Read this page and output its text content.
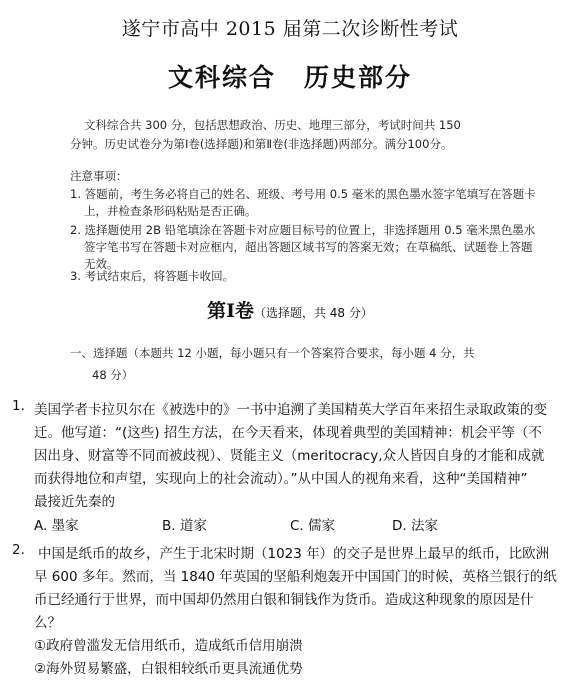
遂宁市高中 2015 届第二次诊断性考试
文科综合 历史部分
文科综合共 300 分，包括思想政治、历史、地理三部分，考试时间共 150
分钟。历史试卷分为第Ⅰ卷(选择题)和第Ⅱ卷(非选择题)两部分。满分100分。
注意事项：
1. 答题前，考生务必将自己的姓名、班级、考号用 0.5 毫米的黑色墨水签字笔填写在答题卡
上，并检查条形码粘贴是否正确。
2. 选择题使用 2B 铅笔填涂在答题卡对应题目标号的位置上，非选择题用 0.5 毫米黑色墨水
签字笔书写在答题卡对应框内，超出答题区域书写的答案无效；在草稿纸、试题卷上答题
无效。
3. 考试结束后，将答题卡收回。
第Ⅰ卷（选择题，共 48 分）
一、选择题（本题共 12 小题，每小题只有一个答案符合要求，每小题 4 分，共
48 分）
1. 美国学者卡拉贝尔在《被选中的》一书中追溯了美国精英大学百年来招生录取政策的变
迁。他写道：“(这些) 招生方法，在今天看来，体现着典型的美国精神：机会平等（不
因出身、财富等不同而被歧视）、贤能主义（meritocracy,众人皆因自身的才能和成就
而获得地位和声望，实现向上的社会流动）。”从中国人的视角来看，这种“美国精神”
最接近先秦的
A. 墨家	B. 道家	C. 儒家	D. 法家
2. 中国是纸币的故乡，产生于北宋时期（1023 年）的交子是世界上最早的纸币，比欧洲
早 600 多年。然而，当 1840 年英国的坚船利炮轰开中国国门的时候，英格兰银行的纸
币已经通行于世界，而中国却仍然用白银和铜钱作为货币。造成这种现象的原因是什
么？
①政府曾滥发无信用纸币，造成纸币信用崩溃
②海外贸易繁盛，白银相较纸币更具流通优势
